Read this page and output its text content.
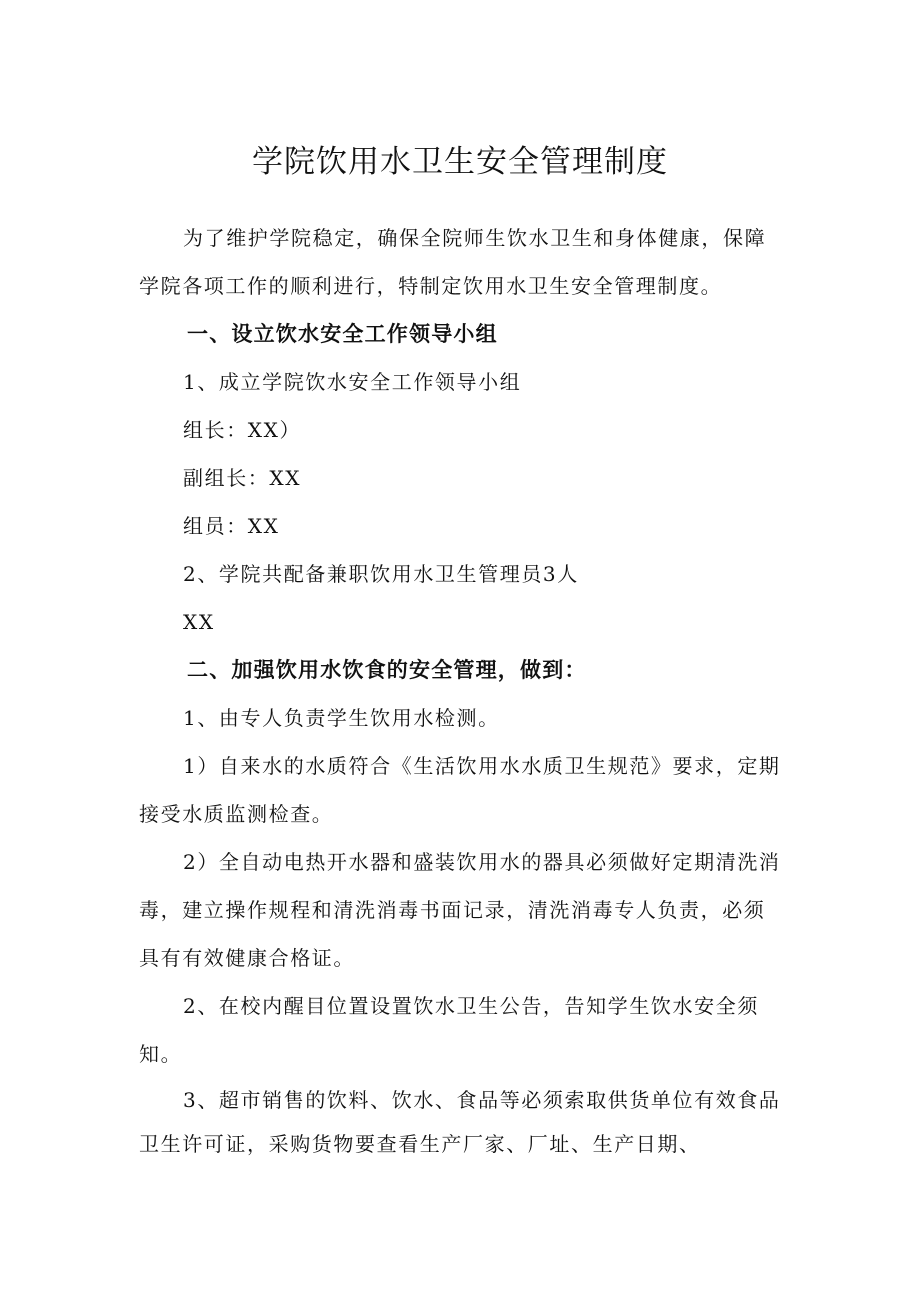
学院饮用水卫生安全管理制度

为了维护学院稳定，确保全院师生饮水卫生和身体健康，保障学院各项工作的顺利进行，特制定饮用水卫生安全管理制度。

一、设立饮水安全工作领导小组

1、成立学院饮水安全工作领导小组

组长：XX）

副组长：XX

组员：XX

2、学院共配备兼职饮用水卫生管理员3人

XX

二、加强饮用水饮食的安全管理，做到：

1、由专人负责学生饮用水检测。

1）自来水的水质符合《生活饮用水水质卫生规范》要求，定期接受水质监测检查。

2）全自动电热开水器和盛装饮用水的器具必须做好定期清洗消毒，建立操作规程和清洗消毒书面记录，清洗消毒专人负责，必须具有有效健康合格证。

2、在校内醒目位置设置饮水卫生公告，告知学生饮水安全须知。

3、超市销售的饮料、饮水、食品等必须索取供货单位有效食品卫生许可证，采购货物要查看生产厂家、厂址、生产日期、
